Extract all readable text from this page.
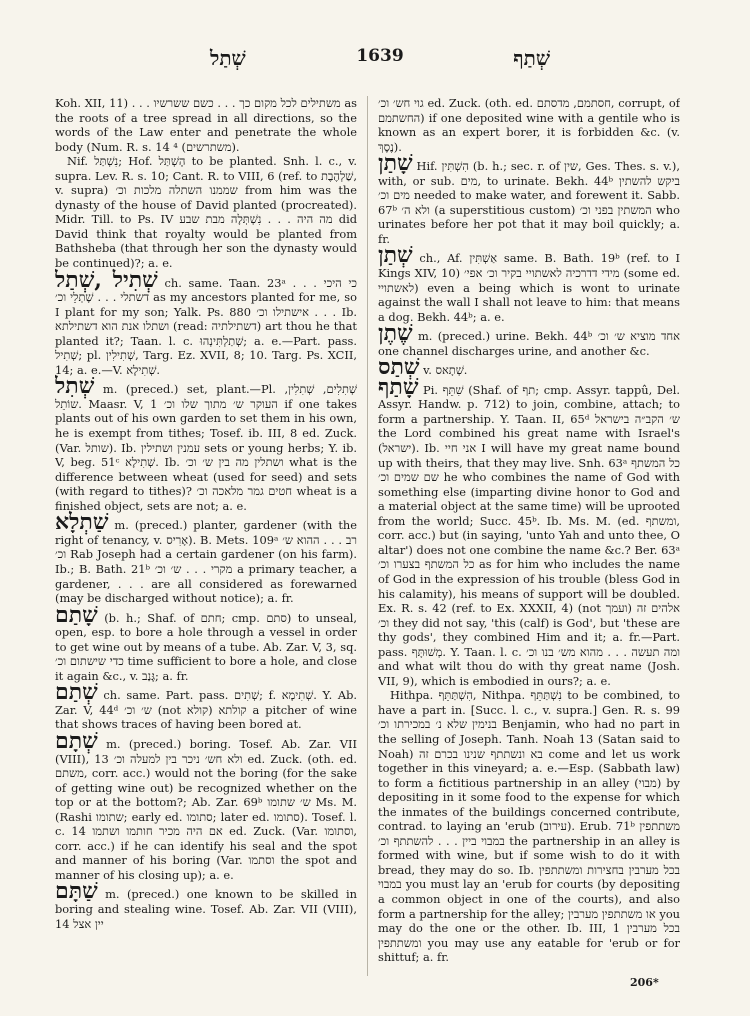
שְׁתַל	1639	שְׁתַף

Koh. XII, 11) . . . משתילים לכל מקום כך . . . כשם ששרשיו as the roots of a tree spread in all directions, so the words of the Law enter and penetrate the whole body (Num. R. s. 14 ⁴ (משתרשים).

Nif. נִשְׁתַּל; Hof. הָשְׁתַּל to be planted. Snh. l. c., v. supra. Lev. R. s. 10; Cant. R. to VIII, 6 (ref. to שַׁלְהֶבֶת, v. supra) שממנו השתלה מלכות וכ׳ from him was the dynasty of the house of David planted (procreated). Midr. Till. to Ps. IV מה היה . . . נִשְׁתְּלָה מבת שבע did David think that royalty would be planted from Bathsheba (that through her son the dynasty would be continued)?; a. e.

שְׁתִיל ,שְׁתַל ch. same. Taan. 23ᵃ . . . כי היכי דשתלי . . . שָׁתְלֵי וכ׳ as my ancestors planted for me, so I plant for my son; Yalk. Ps. 880 אישתילו וכ׳ . . . Ib. ושתלו אנת הוא דשתילתא (read: דשתילתיה) art thou he that planted it?; Taan. l. c. שְׁתַלְתִּינְהוּ; a. e.—Part. pass. שְׁתִיל; pl. שְׁתִילִין, Targ. Ez. XVII, 8; 10. Targ. Ps. XCII, 14; a. e.—V. שְׁתִילָא.

שְׁתִל m. (preced.) set, plant.—Pl. שְׁתִלִים, שְׁתִלִין, שוֹתֵל. Maasr. V, 1 העוקר ש׳ מתוך שלו וכ׳ if one takes plants out of his own garden to set them in his own, he is exempt from tithes; Tosef. ib. III, 8 ed. Zuck. (Var. שותל). Ib. עמנין ושתילין sets or young herbs; Y. ib. V, beg. 51ᶜ שְׁתִילָא. Ib. ושתלין מה בין ש׳ וכ׳ what is the difference between wheat (used for seed) and sets (with regard to tithes)? חטים גמר מלאכה וכ׳ wheat is a finished object, sets are not; a. e.

שַׁתְלָא m. (preced.) planter, gardener (with the right of tenancy, v. אָרִיס). B. Mets. 109ᵃ רב . . . ההוא ש׳ וכ׳ Rab Joseph had a certain gardener (on his farm). Ib.; B. Bath. 21ᵇ מקרי . . . ש׳ וכ׳ a primary teacher, a gardener, . . . are all considered as forewarned (may be discharged without notice); a. fr.

שָׁתַם (b. h.; Shaf. of חתם; cmp. סתם) to unseal, open, esp. to bore a hole through a vessel in order to get wine out by means of a tube. Ab. Zar. V, 3, sq. כדי שישתום וכ׳ time sufficient to bore a hole, and close it again &c., v. גָּנַב; a. fr.

שְׁתַם ch. same. Part. pass. שְׁתִים; f. שְׁתִימָא. Y. Ab. Zar. V, 44ᵈ ש׳ וכ׳ (not קולא) קולתא a pitcher of wine that shows traces of having been bored at.

שְׁתָם m. (preced.) boring. Tosef. Ab. Zar. VII (VIII), 13 ולא חש׳ ניכר בין למעלה וכ׳ ed. Zuck. (oth. ed. משתם, corr. acc.) would not the boring (for the sake of getting wine out) be recognized whether on the top or at the bottom?; Ab. Zar. 69ᵇ ש׳ שתומו Ms. M. (Rashi שתומו; early ed. סתומו; later ed. סתומו). Tosef. l. c. 14 אם היה מכיר חותמו ושתמו ed. Zuck. (Var. וסתומו, corr. acc.) if he can identify his seal and the spot and manner of his boring (Var. וסתמו the spot and manner of his closing up); a. e.

שַׁתָּם m. (preced.) one known to be skilled in boring and stealing wine. Tosef. Ab. Zar. VII (VIII), 14 יין אצל

גוי חש׳ וכ׳ ed. Zuck. (oth. ed. חסתמם, מדסתם, corrupt, of החשתמם) if one deposited wine with a gentile who is known as an expert borer, it is forbidden &c. (v. נֶסֶךְ).

שָׁתַן Hif. הִשְׁתִּין (b. h.; sec. r. of שין, Ges. Thes. s. v.), with, or sub. מים, to urinate. Bekh. 44ᵇ ביקש להשתין מים וכ׳ needed to make water, and forewent it. Sabb. 67ᵇ ולא ה׳ (a superstitious custom) המשתין בפני וכ׳ who urinates before her pot that it may boil quickly; a. fr.

שְׁתַן ch., Af. אַשְׁתִּין same. B. Bath. 19ᵇ (ref. to I Kings XIV, 10) מידי דדרכיה לאשתויי בקיר וכ׳ אפי׳ (some ed. לאשתויי) even a being which is wont to urinate against the wall I shall not leave to him: that means a dog. Bekh. 44ᵇ; a. e.

שֶׁתֶן m. (preced.) urine. Bekh. 44ᵇ אחד מוציא ש׳ וכ׳ one channel discharges urine, and another &c.

שְׁתַס v. שְׁתָאס.

שָׁתַף Pi. שִׁתֵּף (Shaf. of תף; cmp. Assyr. tappû, Del. Assyr. Handw. p. 712) to join, combine, attach; to form a partnership. Y. Taan. II, 65ᵈ ש׳ הקב״ה בישראל the Lord combined his great name with Israel's (ישראל). Ib. אני חיי I will have my great name bound up with theirs, that they may live. Snh. 63ᵃ כל המשתף שם שמים וכ׳ he who combines the name of God with something else (imparting divine honor to God and a material object at the same time) will be uprooted from the world; Succ. 45ᵇ. Ib. Ms. M. (ed. ומשתף, corr. acc.) but (in saying, 'unto Yah and unto thee, O altar') does not one combine the name &c.? Ber. 63ᵃ כל המשתף בצערו וכ׳ as for him who includes the name of God in the expression of his trouble (bless God in his calamity), his means of support will be doubled. Ex. R. s. 42 (ref. to Ex. XXXII, 4) (not ועמך) אלהים זה וכ׳ they did not say, 'this (calf) is God', but 'these are thy gods', they combined Him and it; a. fr.—Part. pass. מְשׁוּתָּף. Y. Taan. l. c. ומה תעשה . . . מהוא מש׳ בנו וכ׳ and what wilt thou do with thy great name (Josh. VII, 9), which is embodied in ours?; a. e.

Hithpa. הִשְׁתַּתֵּף, Nithpa. נִשְׁתַּתֵּף to be combined, to have a part in. [Succ. l. c., v. supra.] Gen. R. s. 99 בנימין שלא נ׳ במכירתו וכ׳ Benjamin, who had no part in the selling of Joseph. Tanh. Noah 13 (Satan said to Noah) בא ונשתתף שנינו בכרם זה come and let us work together in this vineyard; a. e.—Esp. (Sabbath law) to form a fictitious partnership in an alley (מבוי) by depositing in it some food to the expense for which the inmates of the buildings concerned contribute, contrad. to laying an 'erub (עירוב). Erub. 71ᵇ משתתפין במבוי ביין . . . להשתתף וכ׳ the partnership in an alley is formed with wine, but if some wish to do it with bread, they may do so. Ib. בכל מערבין בחצירות ומשתתפין במבוי you must lay an 'erub for courts (by depositing a common object in one of the courts), and also form a partnership for the alley; או משתתפין מערבין you may do the one or the other. Ib. III, 1 בכל מערבין ומשתתפין you may use any eatable for 'erub or for shittuf; a. fr.

206*
